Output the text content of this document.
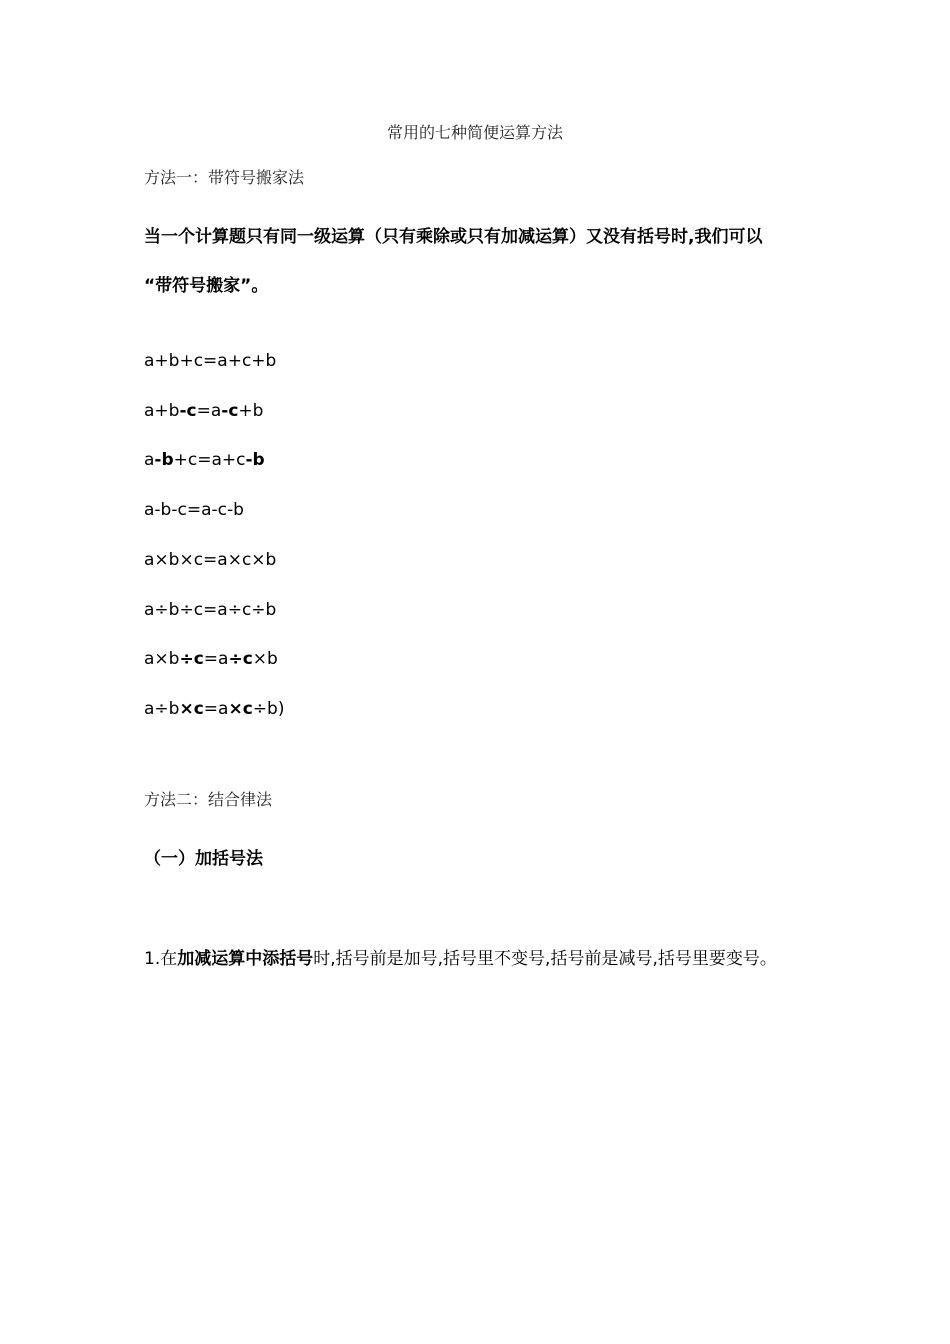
常用的七种简便运算方法
方法一：带符号搬家法
当一个计算题只有同一级运算（只有乘除或只有加减运算）又没有括号时,我们可以
“带符号搬家”。
a+b+c=a+c+b
a+b-c=a-c+b
a-b+c=a+c-b
a-b-c=a-c-b
a×b×c=a×c×b
a÷b÷c=a÷c÷b
a×b÷c=a÷c×b
a÷b×c=a×c÷b)
方法二：结合律法
（一）加括号法
1.在加减运算中添括号时,括号前是加号,括号里不变号,括号前是减号,括号里要变号。
